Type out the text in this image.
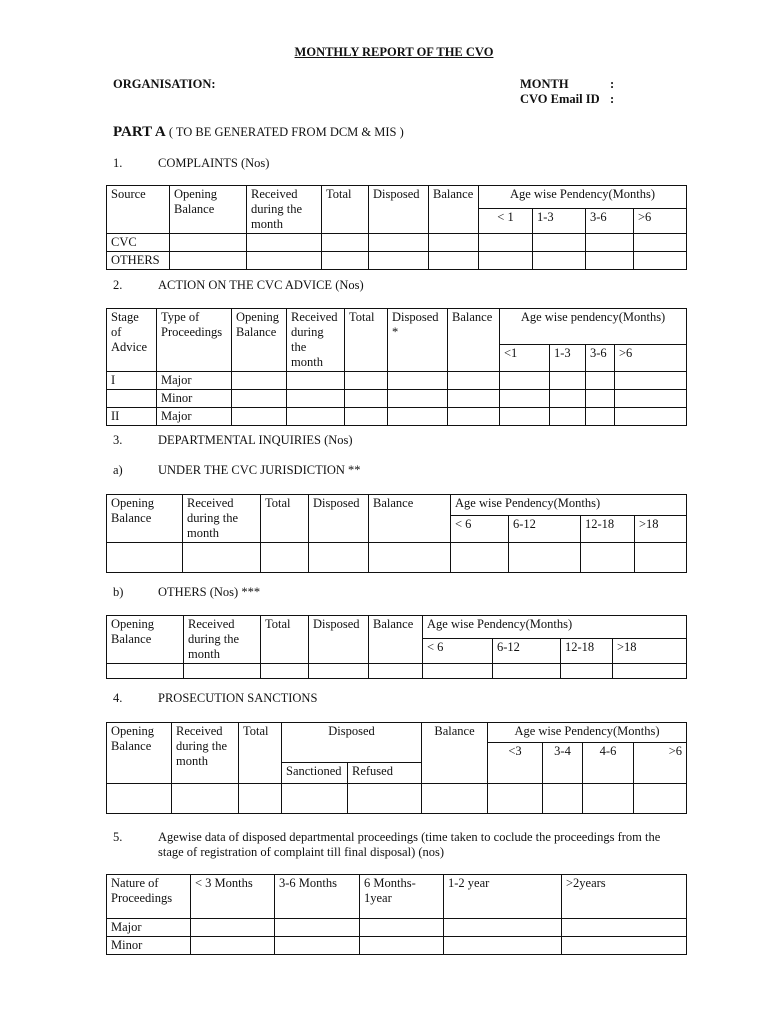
MONTHLY REPORT OF THE CVO
ORGANISATION:	MONTH	:
CVO Email ID :
PART A ( TO BE GENERATED FROM DCM & MIS )
1.	COMPLAINTS (Nos)
Source	Opening Balance	Received during the month	Total	Disposed	Balance	Age wise Pendency(Months)			
						< 1	1-3	3-6	>6
CVC									
OTHERS									
2.	ACTION ON THE CVC ADVICE (Nos)
Stage of Advice	Type of Proceedings	Opening Balance	Received during the month	Total	Disposed *	Balance	Age wise pendency(Months)			
							<1	1-3	3-6	>6
I	Major									
	Minor									
II	Major									
3.	DEPARTMENTAL INQUIRIES (Nos)
a)	UNDER THE CVC JURISDICTION **
Opening Balance	Received during the month	Total	Disposed	Balance	Age wise Pendency(Months)			
					< 6	6-12	12-18	>18

b)	OTHERS (Nos) ***
Opening Balance	Received during the month	Total	Disposed	Balance	Age wise Pendency(Months)			
					< 6	6-12	12-18	>18

4.	PROSECUTION SANCTIONS
Opening Balance	Received during the month	Total	Disposed		Balance	Age wise Pendency(Months)			
						<3	3-4	4-6	>6
			Sanctioned	Refused					

5.	Agewise data of disposed departmental proceedings (time taken to coclude the proceedings from the stage of registration of complaint till final disposal) (nos)
Nature of Proceedings	< 3 Months	3-6 Months	6 Months-1year	1-2 year	>2years
Major					
Minor					
